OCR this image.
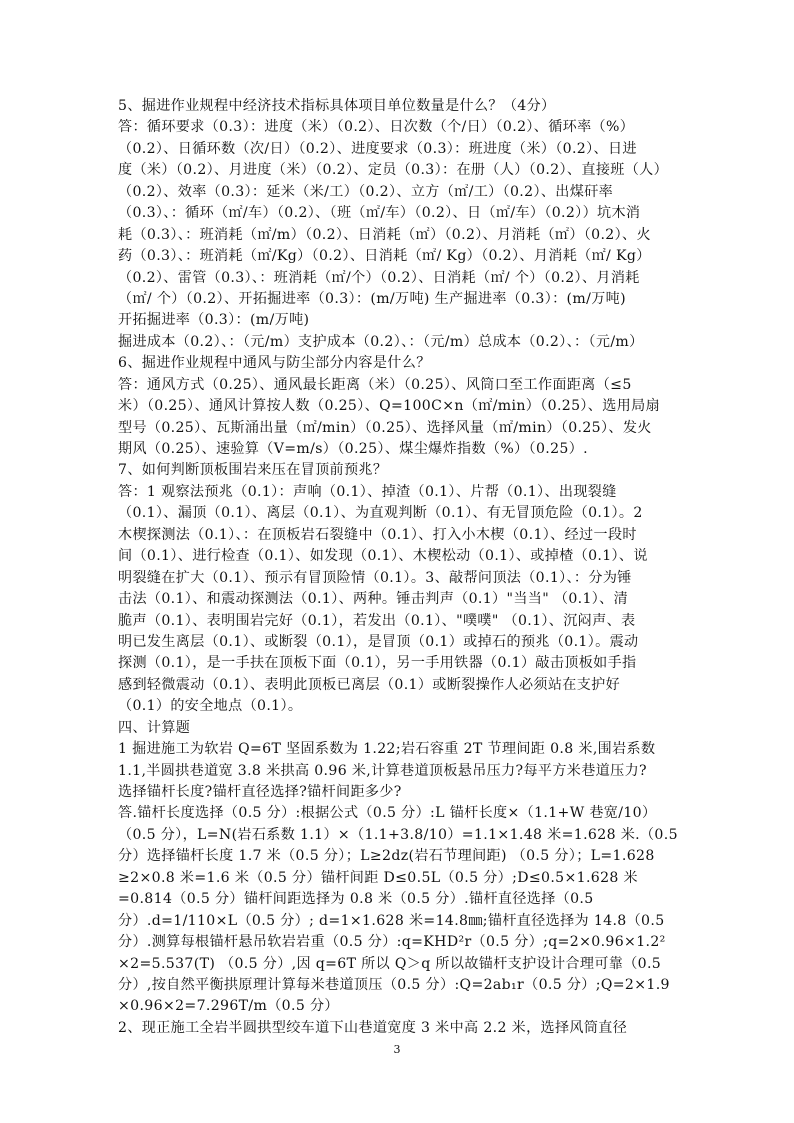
5、掘进作业规程中经济技术指标具体项目单位数量是什么？（4分）
答：循环要求（0.3）：进度（米）（0.2）、日次数（个/日）（0.2）、循环率（%）
（0.2）、日循环数（次/日）（0.2）、进度要求（0.3）：班进度（米）（0.2）、日进
度（米）（0.2）、月进度（米）（0.2）、定员（0.3）：在册（人）（0.2）、直接班（人）
（0.2）、效率（0.3）：延米（米/工）（0.2）、立方（㎡/工）（0.2）、出煤矸率
（0.3）、：循环（㎡/车）（0.2）、（班（㎡/车）（0.2）、日（㎡/车）（0.2））坑木消
耗（0.3）、：班消耗（㎡/m）（0.2）、日消耗（㎡）（0.2）、月消耗（㎡）（0.2）、火
药（0.3）、：班消耗（㎡/Kg）（0.2）、日消耗（㎡/ Kg）（0.2）、月消耗（㎡/ Kg）
（0.2）、雷管（0.3）、：班消耗（㎡/个）（0.2）、日消耗（㎡/ 个）（0.2）、月消耗
（㎡/ 个）（0.2）、开拓掘进率（0.3）：(m/万吨) 生产掘进率（0.3）：(m/万吨)
开拓掘进率（0.3）：(m/万吨)
掘进成本（0.2）、：（元/m）支护成本（0.2）、：（元/m）总成本（0.2）、：（元/m）
6、掘进作业规程中通风与防尘部分内容是什么？
答：通风方式（0.25）、通风最长距离（米）（0.25）、风筒口至工作面距离（≤5
米）（0.25）、通风计算按人数（0.25）、Q=100C×n（㎡/min）（0.25）、选用局扇
型号（0.25）、瓦斯涌出量（㎡/min）（0.25）、选择风量（㎡/min）（0.25）、发火
期风（0.25）、速验算（V=m/s）（0.25）、煤尘爆炸指数（%）（0.25）.
7、如何判断顶板围岩来压在冒顶前预兆？
答：1 观察法预兆（0.1）：声响（0.1）、掉渣（0.1）、片帮（0.1）、出现裂缝
（0.1）、漏顶（0.1）、离层（0.1）、为直观判断（0.1）、有无冒顶危险（0.1）。2
木楔探测法（0.1）、：在顶板岩石裂缝中（0.1）、打入小木楔（0.1）、经过一段时
间（0.1）、进行检查（0.1）、如发现（0.1）、木楔松动（0.1）、或掉楂（0.1）、说
明裂缝在扩大（0.1）、预示有冒顶险情（0.1）。3、敲帮问顶法（0.1）、：分为锤
击法（0.1）、和震动探测法（0.1）、两种。锤击判声（0.1）"当当" （0.1）、清
脆声（0.1）、表明围岩完好（0.1），若发出（0.1）、"噗噗" （0.1）、沉闷声、表
明已发生离层（0.1）、或断裂（0.1），是冒顶（0.1）或掉石的预兆（0.1）。震动
探测（0.1），是一手扶在顶板下面（0.1），另一手用铁器（0.1）敲击顶板如手指
感到轻微震动（0.1）、表明此顶板已离层（0.1）或断裂操作人必须站在支护好
（0.1）的安全地点（0.1）。
四、计算题
1 掘进施工为软岩 Q=6T 坚固系数为 1.22;岩石容重 2T 节理间距 0.8 米,围岩系数
1.1,半圆拱巷道宽 3.8 米拱高 0.96 米,计算巷道顶板悬吊压力?每平方米巷道压力?
选择锚杆长度?锚杆直径选择?锚杆间距多少?
答.锚杆长度选择（0.5 分）:根据公式（0.5 分）:L 锚杆长度×（1.1+W 巷宽/10）
（0.5 分），L=N(岩石系数 1.1）×（1.1+3.8/10）=1.1×1.48 米=1.628 米.（0.5
分）选择锚杆长度 1.7 米（0.5 分）；L≥2dz(岩石节理间距) （0.5 分）；L=1.628
≥2×0.8 米=1.6 米（0.5 分）锚杆间距 D≤0.5L（0.5 分）;D≤0.5×1.628 米
=0.814（0.5 分）锚杆间距选择为 0.8 米（0.5 分）.锚杆直径选择（0.5
分）.d=1/110×L（0.5 分）; d=1×1.628 米=14.8㎜;锚杆直径选择为 14.8（0.5
分）.测算每根锚杆悬吊软岩岩重（0.5 分）:q=KHD²r（0.5 分）;q=2×0.96×1.2²
×2=5.537(T) （0.5 分）,因 q=6T 所以 Q＞q 所以故锚杆支护设计合理可靠（0.5
分）,按自然平衡拱原理计算每米巷道顶压（0.5 分）:Q=2ab₁r（0.5 分）;Q=2×1.9
×0.96×2=7.296T/m（0.5 分）
2、现正施工全岩半圆拱型绞车道下山巷道宽度 3 米中高 2.2 米，选择风筒直径
3
